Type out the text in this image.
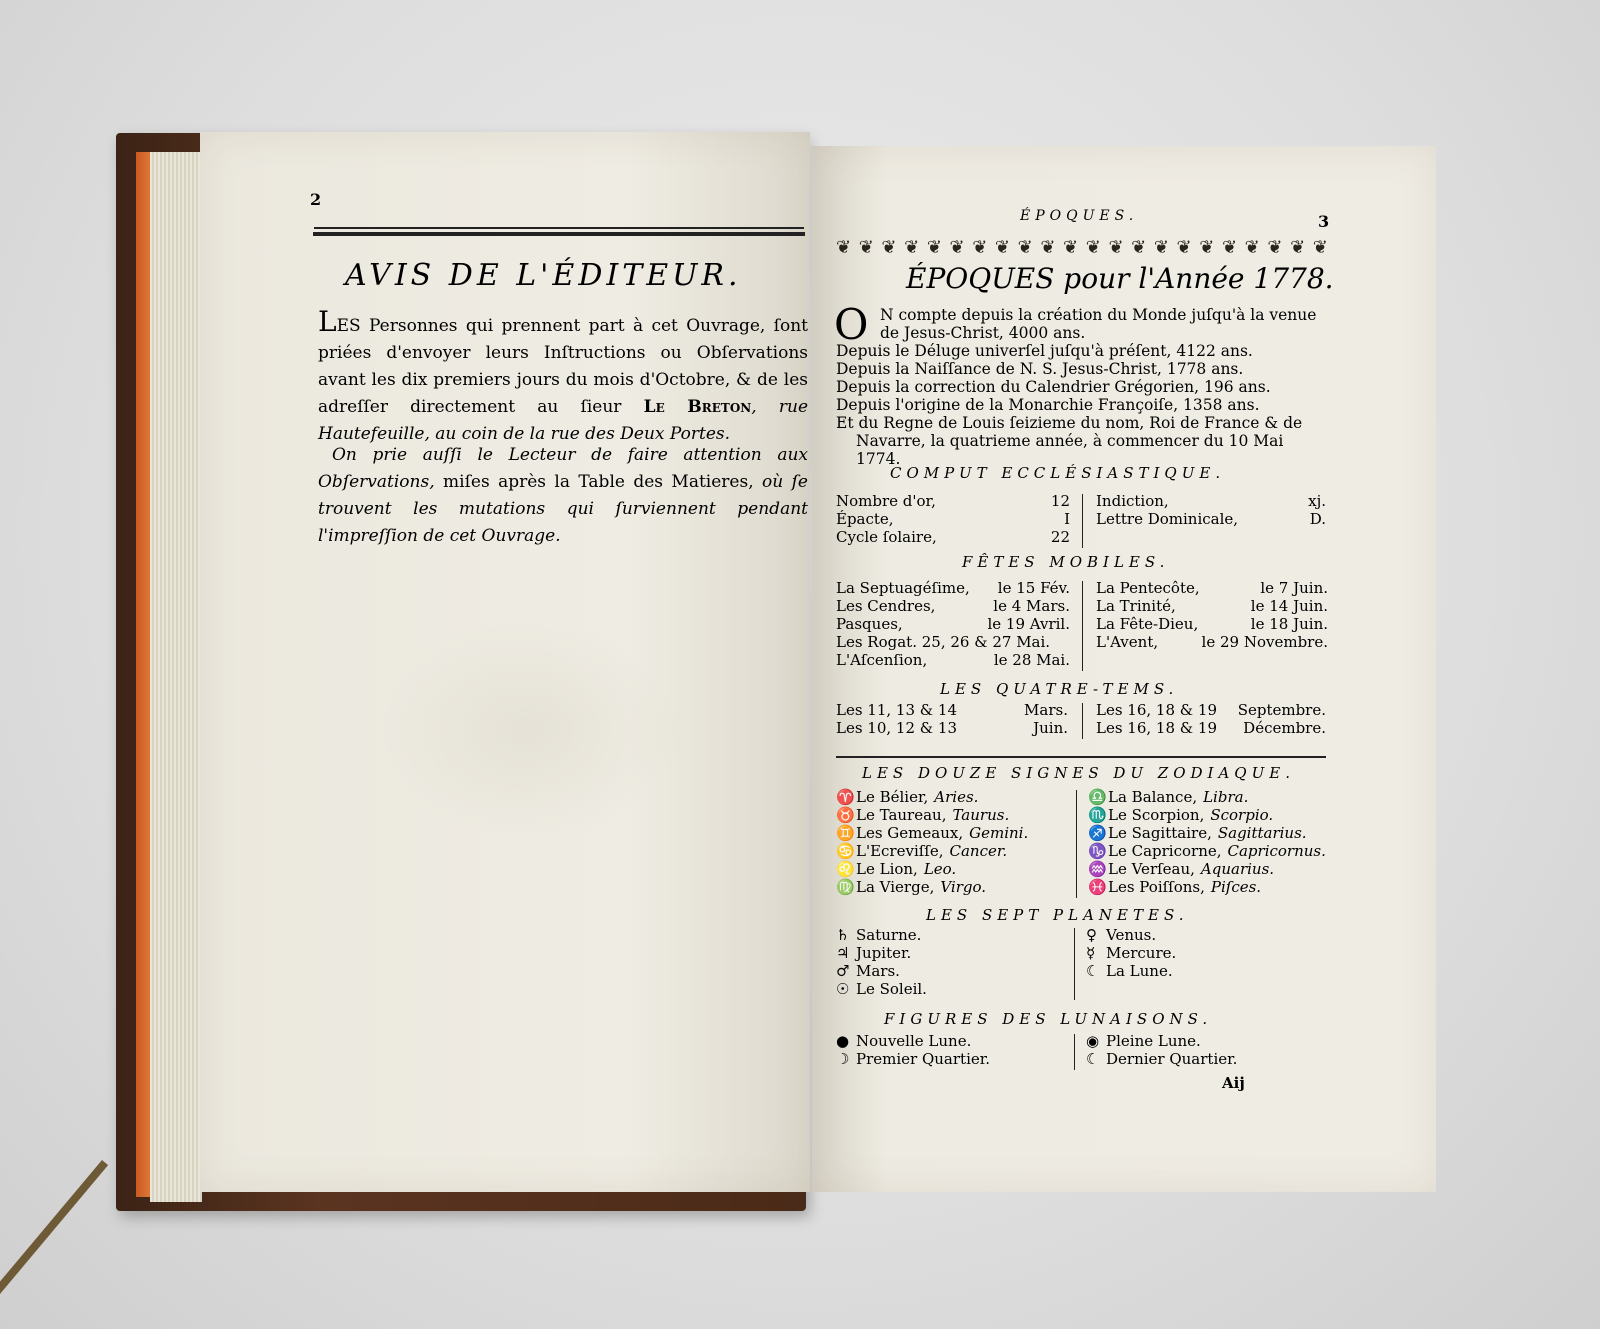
2
AVIS DE L'ÉDITEUR.
LES Personnes qui prennent part à cet Ouvrage, ſont priées d'envoyer leurs Inſtructions ou Obſervations avant les dix premiers jours du mois d'Octobre, & de les adreſſer directement au ſieur Le Breton, rue Hautefeuille, au coin de la rue des Deux Portes.
On prie auſſi le Lecteur de faire attention aux Obſervations, miſes après la Table des Matieres, où ſe trouvent les mutations qui ſurviennent pendant l'impreſſion de cet Ouvrage.
ÉPOQUES.	3
❦ ❦ ❦ ❦ ❦ ❦ ❦ ❦ ❦ ❦ ❦ ❦ ❦ ❦ ❦ ❦ ❦ ❦ ❦ ❦ ❦ ❦
ÉPOQUES pour l'Année 1778.
O N compte depuis la création du Monde juſqu'à la venue
de Jesus-Christ, 4000 ans.
Depuis le Déluge univerſel juſqu'à préſent, 4122 ans.
Depuis la Naiſſance de N. S. Jesus-Christ, 1778 ans.
Depuis la correction du Calendrier Grégorien, 196 ans.
Depuis l'origine de la Monarchie Françoiſe, 1358 ans.
Et du Regne de Louis ſeizieme du nom, Roi de France & de
Navarre, la quatrieme année, à commencer du 10 Mai 1774.
COMPUT ECCLÉSIASTIQUE.
FÊTES MOBILES.
LES QUATRE-TEMS.
LES DOUZE SIGNES DU ZODIAQUE.
LES SEPT PLANETES.
FIGURES DES LUNAISONS.
Aij
Nombre d'or,	12
Épacte,	I
Cycle ſolaire,	22
Indiction,	xj.
Lettre Dominicale,	D.
La Septuagéſime, le 15 Fév.
Les Cendres,	le 4 Mars.
Pasques,	le 19 Avril.
Les Rogat. 25, 26 & 27 Mai.
L'Aſcenſion,	le 28 Mai.
La Pentecôte,	le 7 Juin.
La Trinité,	le 14 Juin.
La Fête-Dieu,	le 18 Juin.
L'Avent,	le 29 Novembre.
Les 11, 13 & 14	Mars.
Les 10, 12 & 13	Juin.
Les 16, 18 & 19 Septembre.
Les 16, 18 & 19 Décembre.
♈Le Bélier, Aries.
♉Le Taureau, Taurus.
♊Les Gemeaux, Gemini.
♋L'Ecreviſſe, Cancer.
♌Le Lion, Leo.
♍La Vierge, Virgo.
♎La Balance, Libra.
♏Le Scorpion, Scorpio.
♐Le Sagittaire, Sagittarius.
♑Le Capricorne, Capricornus.
♒Le Verſeau, Aquarius.
♓Les Poiſſons, Piſces.
♄ Saturne.
♃ Jupiter.
♂ Mars.
☉ Le Soleil.
♀ Venus.
☿ Mercure.
☾ La Lune.
● Nouvelle Lune.
☽ Premier Quartier.
◉ Pleine Lune.
☾ Dernier Quartier.
